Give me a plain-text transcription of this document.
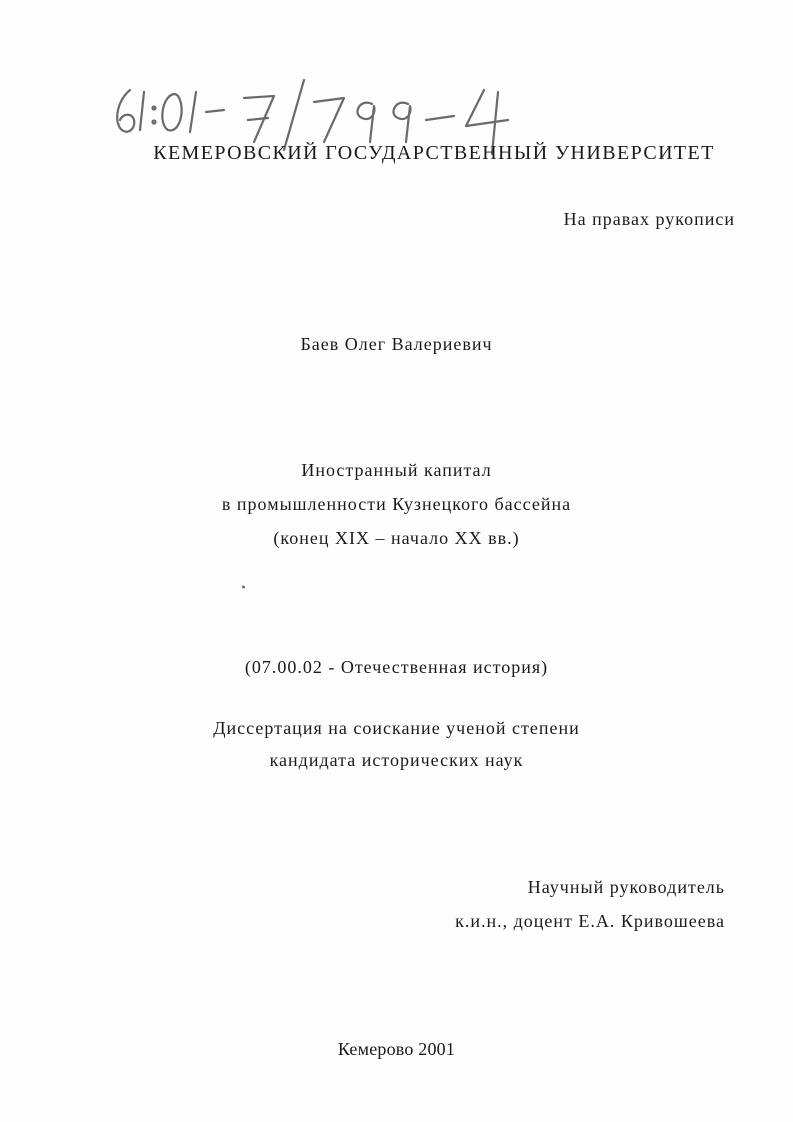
КЕМЕРОВСКИЙ ГОСУДАРСТВЕННЫЙ УНИВЕРСИТЕТ
На правах рукописи
Баев Олег Валериевич
Иностранный капитал
в промышленности Кузнецкого бассейна
(конец XIX – начало XX вв.)
(07.00.02 - Отечественная история)
Диссертация на соискание ученой степени
кандидата исторических наук
Научный руководитель
к.и.н., доцент Е.А. Кривошеева
Кемерово 2001
